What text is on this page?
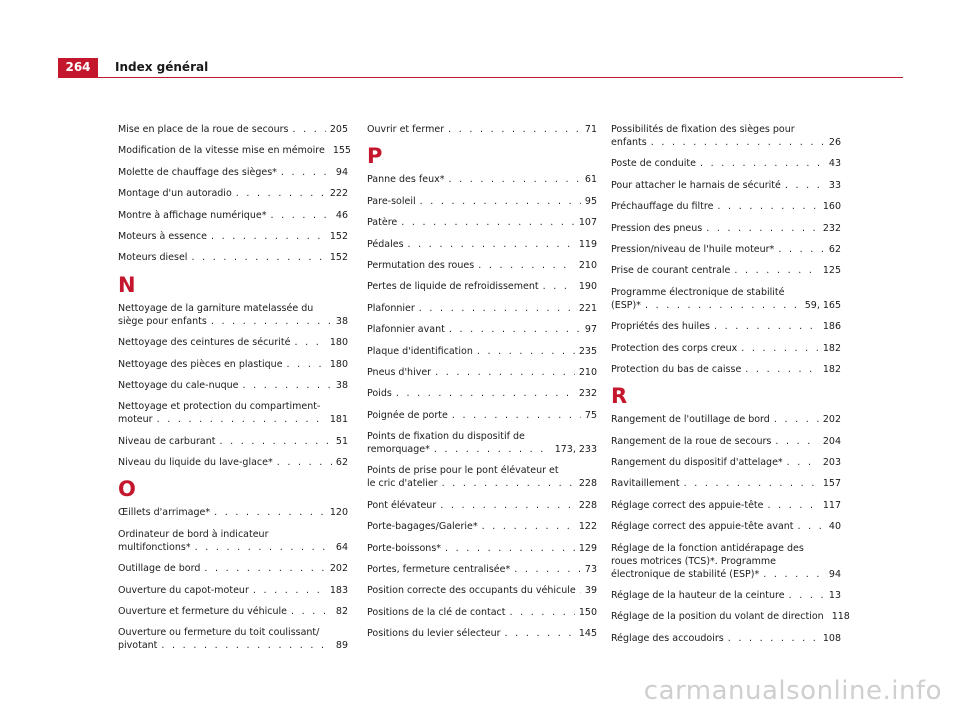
264	Index général
Mise en place de la roue de secours . . .	205
Modification de la vitesse mise en mémoire 155
Molette de chauffage des sièges* . . .	94
Montage d'un autoradio . . .	222
Montre à affichage numérique* . . .	46
Moteurs à essence . . .	152
Moteurs diesel . . .	152
N
Nettoyage de la garniture matelassée du
siège pour enfants . . .	38
Nettoyage des ceintures de sécurité . . .	180
Nettoyage des pièces en plastique . . .	180
Nettoyage du cale-nuque . . .	38
Nettoyage et protection du compartiment-
moteur . . .	181
Niveau de carburant . . .	51
Niveau du liquide du lave-glace* . . .	62
O
Œillets d'arrimage* . . .	120
Ordinateur de bord à indicateur
multifonctions* . . .	64
Outillage de bord . . .	202
Ouverture du capot-moteur . . .	183
Ouverture et fermeture du véhicule . . .	82
Ouverture ou fermeture du toit coulissant/
pivotant . . .	89
Ouvrir et fermer . . .	71
P
Panne des feux* . . .	61
Pare-soleil . . .	95
Patère . . .	107
Pédales . . .	119
Permutation des roues . . .	210
Pertes de liquide de refroidissement . . .	190
Plafonnier . . .	221
Plafonnier avant . . .	97
Plaque d'identification . . .	235
Pneus d'hiver . . .	210
Poids . . .	232
Poignée de porte . . .	75
Points de fixation du dispositif de
remorquage* . . .	173, 233
Points de prise pour le pont élévateur et
le cric d'atelier . . .	228
Pont élévateur . . .	228
Porte-bagages/Galerie* . . .	122
Porte-boissons* . . .	129
Portes, fermeture centralisée* . . .	73
Position correcte des occupants du véhicule . . . 39
Positions de la clé de contact . . .	150
Positions du levier sélecteur . . .	145
Possibilités de fixation des sièges pour
enfants . . .	26
Poste de conduite . . .	43
Pour attacher le harnais de sécurité . . .	33
Préchauffage du filtre . . .	160
Pression des pneus . . .	232
Pression/niveau de l'huile moteur* . . .	62
Prise de courant centrale . . .	125
Programme électronique de stabilité
(ESP)* . . .	59, 165
Propriétés des huiles . . .	186
Protection des corps creux . . .	182
Protection du bas de caisse . . .	182
R
Rangement de l'outillage de bord . . .	202
Rangement de la roue de secours . . .	204
Rangement du dispositif d'attelage* . . .	203
Ravitaillement . . .	157
Réglage correct des appuie-tête . . .	117
Réglage correct des appuie-tête avant . . .	40
Réglage de la fonction antidérapage des
roues motrices (TCS)*. Programme
électronique de stabilité (ESP)* . . .	94
Réglage de la hauteur de la ceinture . . .	13
Réglage de la position du volant de direction 118
Réglage des accoudoirs . . .	108
carmanualsonline.info
